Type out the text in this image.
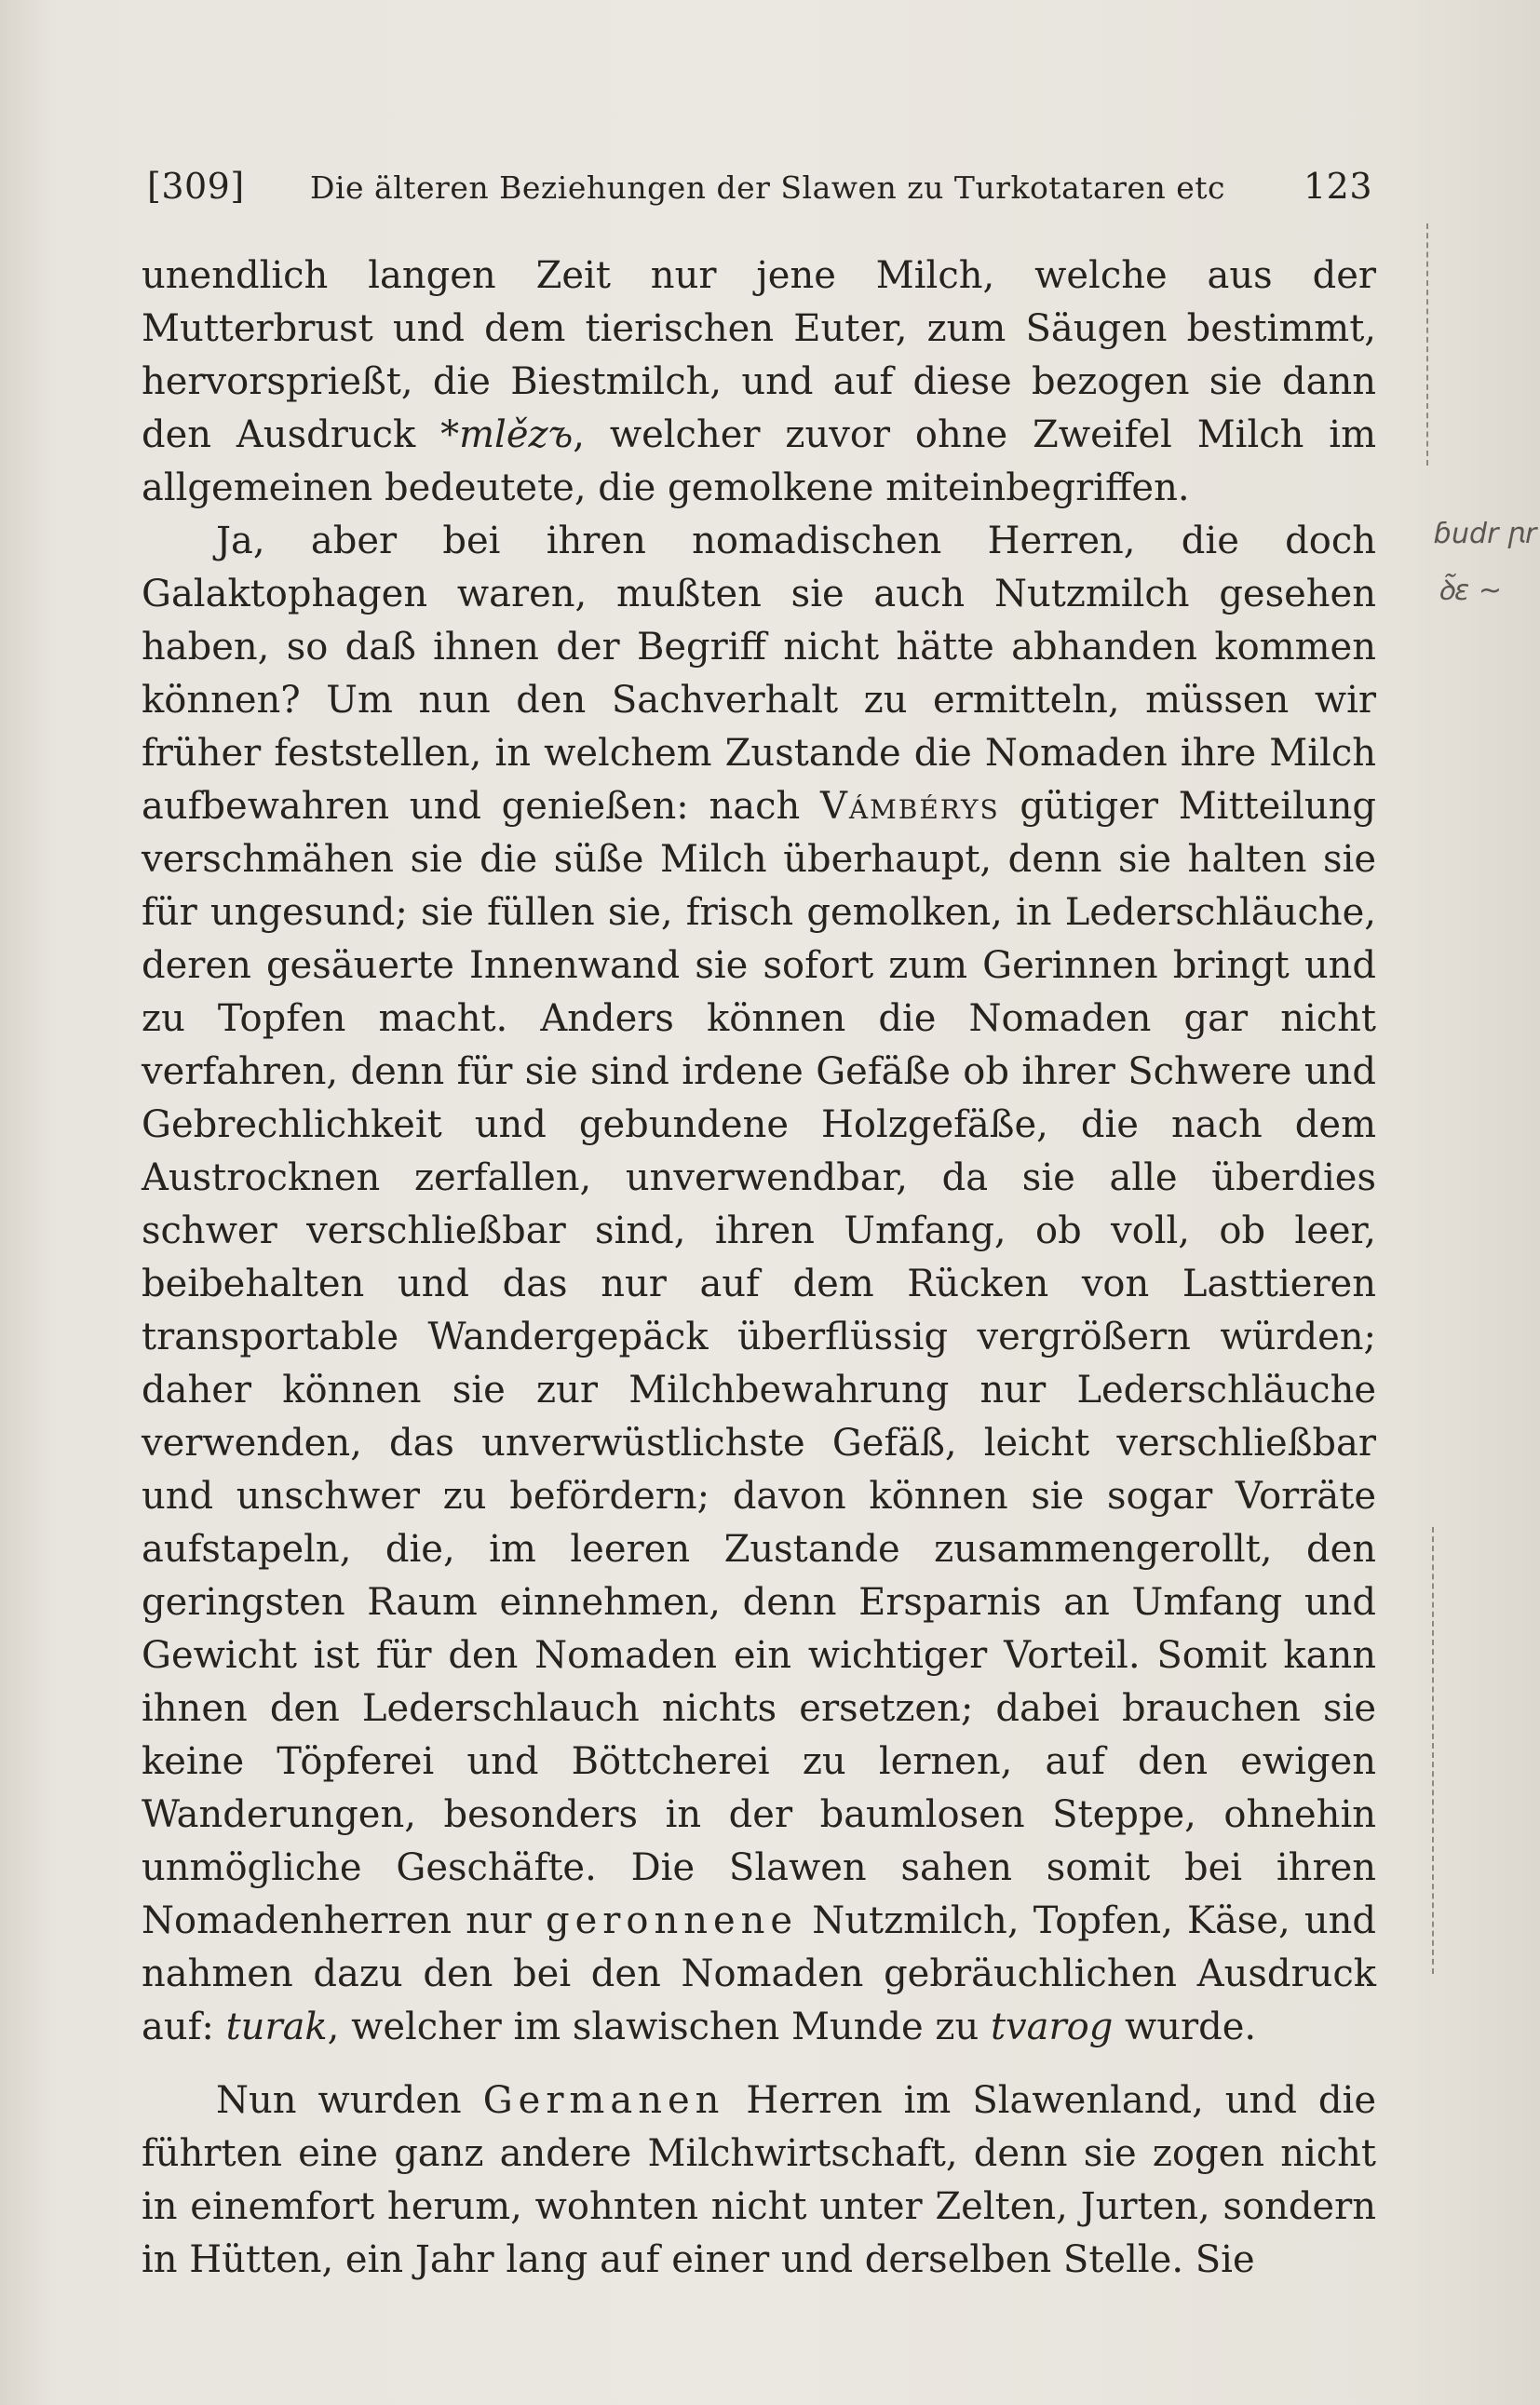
[309] Die älteren Beziehungen der Slawen zu Turkotataren etc 123

unendlich langen Zeit nur jene Milch, welche aus der Mutterbrust und dem tierischen Euter, zum Säugen bestimmt, hervorsprießt, die Biestmilch, und auf diese bezogen sie dann den Ausdruck *mlězъ, welcher zuvor ohne Zweifel Milch im allgemeinen bedeutete, die gemolkene miteinbegriffen.

Ja, aber bei ihren nomadischen Herren, die doch Galaktophagen waren, mußten sie auch Nutzmilch gesehen haben, so daß ihnen der Begriff nicht hätte abhanden kommen können? Um nun den Sachverhalt zu ermitteln, müssen wir früher feststellen, in welchem Zustande die Nomaden ihre Milch aufbewahren und genießen: nach Vámbérys gütiger Mitteilung verschmähen sie die süße Milch überhaupt, denn sie halten sie für ungesund; sie füllen sie, frisch gemolken, in Lederschläuche, deren gesäuerte Innenwand sie sofort zum Gerinnen bringt und zu Topfen macht. Anders können die Nomaden gar nicht verfahren, denn für sie sind irdene Gefäße ob ihrer Schwere und Gebrechlichkeit und gebundene Holzgefäße, die nach dem Austrocknen zerfallen, unverwendbar, da sie alle überdies schwer verschließbar sind, ihren Umfang, ob voll, ob leer, beibehalten und das nur auf dem Rücken von Lasttieren transportable Wandergepäck überflüssig vergrößern würden; daher können sie zur Milchbewahrung nur Lederschläuche verwenden, das unverwüstlichste Gefäß, leicht verschließbar und unschwer zu befördern; davon können sie sogar Vorräte aufstapeln, die, im leeren Zustande zusammengerollt, den geringsten Raum einnehmen, denn Ersparnis an Umfang und Gewicht ist für den Nomaden ein wichtiger Vorteil. Somit kann ihnen den Lederschlauch nichts ersetzen; dabei brauchen sie keine Töpferei und Böttcherei zu lernen, auf den ewigen Wanderungen, besonders in der baumlosen Steppe, ohnehin unmögliche Geschäfte. Die Slawen sahen somit bei ihren Nomadenherren nur geronnene Nutzmilch, Topfen, Käse, und nahmen dazu den bei den Nomaden gebräuchlichen Ausdruck auf: turak, welcher im slawischen Munde zu tvarog wurde.

Nun wurden Germanen Herren im Slawenland, und die führten eine ganz andere Milchwirtschaft, denn sie zogen nicht in einemfort herum, wohnten nicht unter Zelten, Jurten, sondern in Hütten, ein Jahr lang auf einer und derselben Stelle. Sie

ɓudr ꞃr
ꝺ̃ɛ ~
